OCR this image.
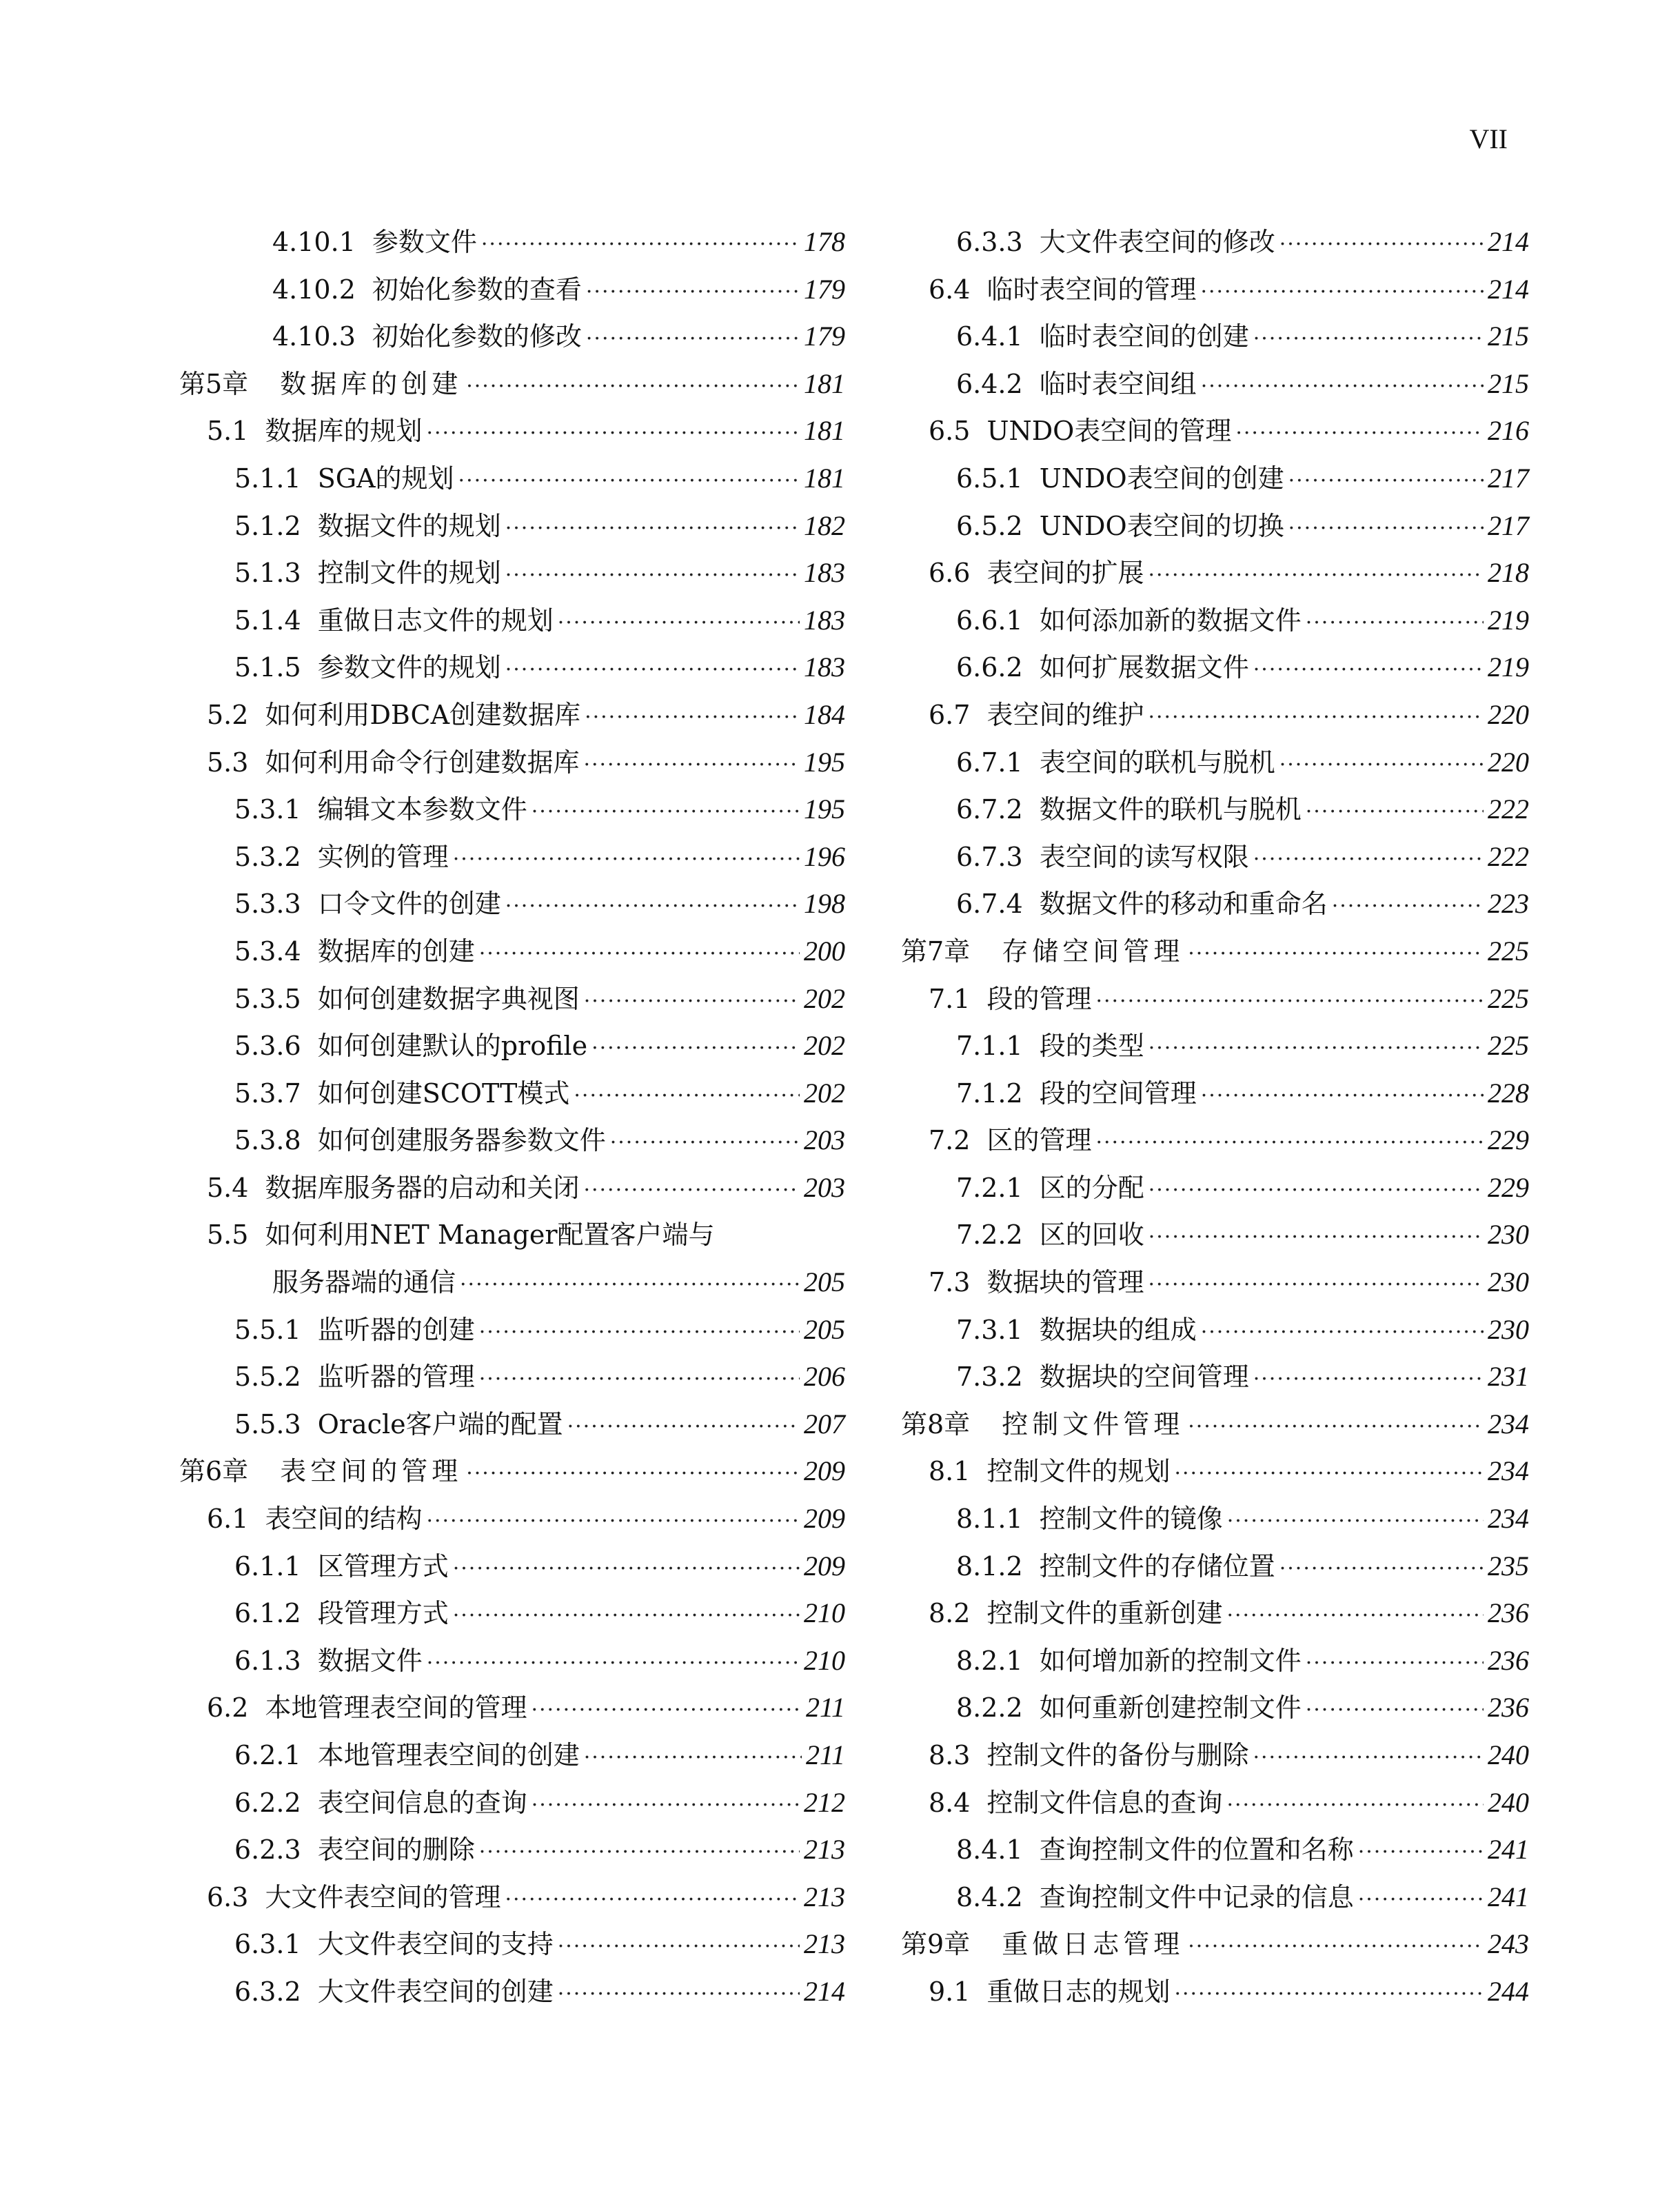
VII
4.10.1 参数文件 ·····	178
4.10.2 初始化参数的查看 ·····	179
4.10.3 初始化参数的修改 ·····	179
第5章 数据库的创建 ·····	181
5.1 数据库的规划 ·····	181
5.1.1 SGA的规划 ·····	181
5.1.2 数据文件的规划 ·····	182
5.1.3 控制文件的规划 ·····	183
5.1.4 重做日志文件的规划 ·····	183
5.1.5 参数文件的规划 ·····	183
5.2 如何利用DBCA创建数据库 ·····	184
5.3 如何利用命令行创建数据库 ·····	195
5.3.1 编辑文本参数文件 ·····	195
5.3.2 实例的管理 ·····	196
5.3.3 口令文件的创建 ·····	198
5.3.4 数据库的创建 ·····	200
5.3.5 如何创建数据字典视图 ·····	202
5.3.6 如何创建默认的profile ·····	202
5.3.7 如何创建SCOTT模式 ·····	202
5.3.8 如何创建服务器参数文件 ·····	203
5.4 数据库服务器的启动和关闭 ·····	203
5.5 如何利用NET Manager配置客户端与
服务器端的通信 ·····	205
5.5.1 监听器的创建 ·····	205
5.5.2 监听器的管理 ·····	206
5.5.3 Oracle客户端的配置 ·····	207
第6章 表空间的管理 ·····	209
6.1 表空间的结构 ·····	209
6.1.1 区管理方式 ·····	209
6.1.2 段管理方式 ·····	210
6.1.3 数据文件 ·····	210
6.2 本地管理表空间的管理 ·····	211
6.2.1 本地管理表空间的创建 ·····	211
6.2.2 表空间信息的查询 ·····	212
6.2.3 表空间的删除 ·····	213
6.3 大文件表空间的管理 ·····	213
6.3.1 大文件表空间的支持 ·····	213
6.3.2 大文件表空间的创建 ·····	214
6.3.3 大文件表空间的修改 ·····	214
6.4 临时表空间的管理 ·····	214
6.4.1 临时表空间的创建 ·····	215
6.4.2 临时表空间组 ·····	215
6.5 UNDO表空间的管理 ·····	216
6.5.1 UNDO表空间的创建 ·····	217
6.5.2 UNDO表空间的切换 ·····	217
6.6 表空间的扩展 ·····	218
6.6.1 如何添加新的数据文件 ·····	219
6.6.2 如何扩展数据文件 ·····	219
6.7 表空间的维护 ·····	220
6.7.1 表空间的联机与脱机 ·····	220
6.7.2 数据文件的联机与脱机 ·····	222
6.7.3 表空间的读写权限 ·····	222
6.7.4 数据文件的移动和重命名 ·····	223
第7章 存储空间管理 ·····	225
7.1 段的管理 ·····	225
7.1.1 段的类型 ·····	225
7.1.2 段的空间管理 ·····	228
7.2 区的管理 ·····	229
7.2.1 区的分配 ·····	229
7.2.2 区的回收 ·····	230
7.3 数据块的管理 ·····	230
7.3.1 数据块的组成 ·····	230
7.3.2 数据块的空间管理 ·····	231
第8章 控制文件管理 ·····	234
8.1 控制文件的规划 ·····	234
8.1.1 控制文件的镜像 ·····	234
8.1.2 控制文件的存储位置 ·····	235
8.2 控制文件的重新创建 ·····	236
8.2.1 如何增加新的控制文件 ·····	236
8.2.2 如何重新创建控制文件 ·····	236
8.3 控制文件的备份与删除 ·····	240
8.4 控制文件信息的查询 ·····	240
8.4.1 查询控制文件的位置和名称 ·····	241
8.4.2 查询控制文件中记录的信息 ·····	241
第9章 重做日志管理 ·····	243
9.1 重做日志的规划 ·····	244
